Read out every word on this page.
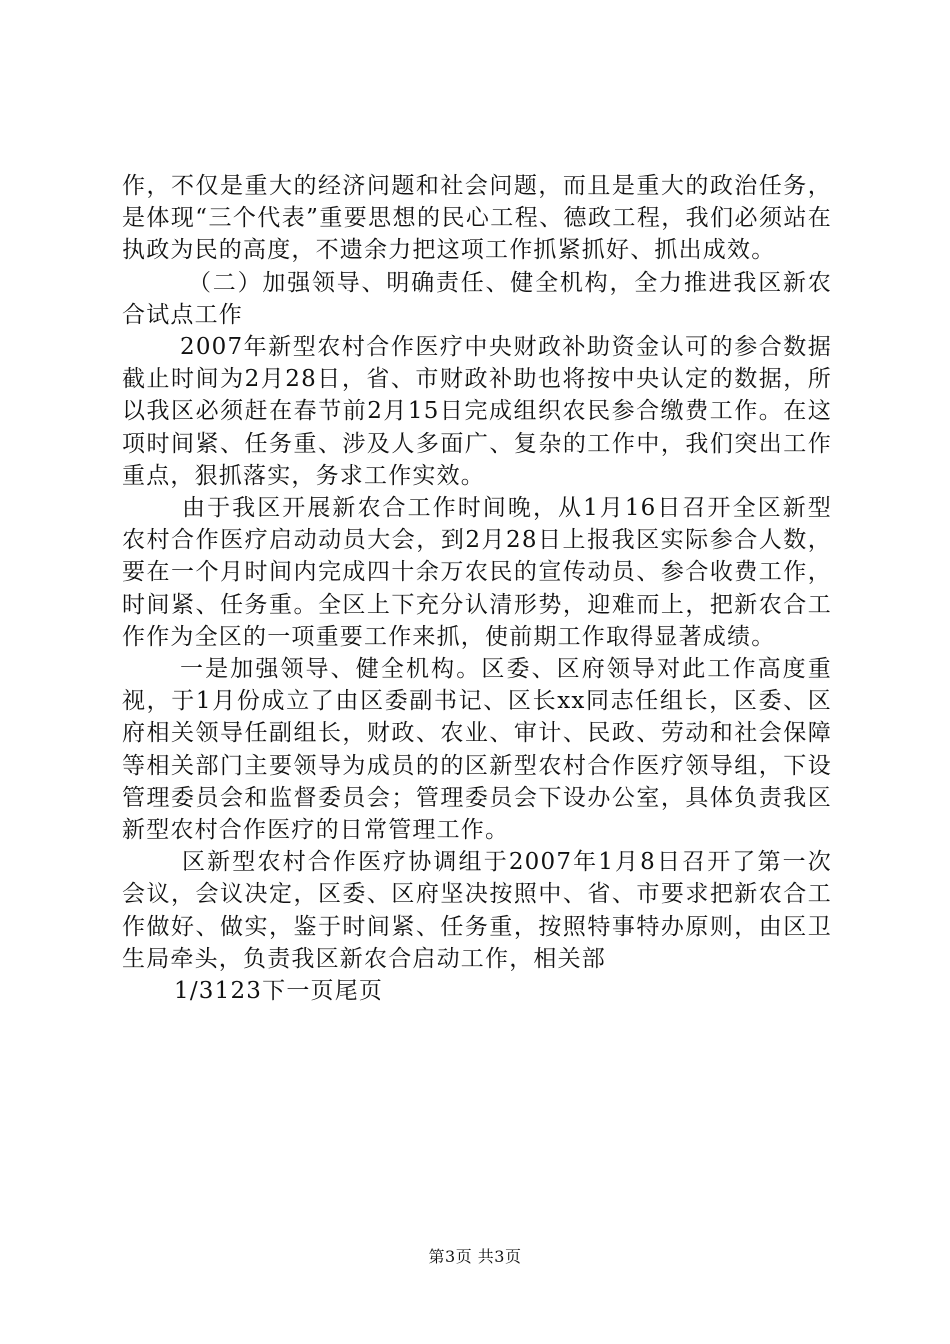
作，不仅是重大的经济问题和社会问题，而且是重大的政治任务，是体现“三个代表”重要思想的民心工程、德政工程，我们必须站在执政为民的高度，不遗余力把这项工作抓紧抓好、抓出成效。

（二）加强领导、明确责任、健全机构，全力推进我区新农合试点工作

2007年新型农村合作医疗中央财政补助资金认可的参合数据截止时间为2月28日，省、市财政补助也将按中央认定的数据，所以我区必须赶在春节前2月15日完成组织农民参合缴费工作。在这项时间紧、任务重、涉及人多面广、复杂的工作中，我们突出工作重点，狠抓落实，务求工作实效。

由于我区开展新农合工作时间晚，从1月16日召开全区新型农村合作医疗启动动员大会，到2月28日上报我区实际参合人数，要在一个月时间内完成四十余万农民的宣传动员、参合收费工作，时间紧、任务重。全区上下充分认清形势，迎难而上，把新农合工作作为全区的一项重要工作来抓，使前期工作取得显著成绩。

一是加强领导、健全机构。区委、区府领导对此工作高度重视，于1月份成立了由区委副书记、区长xx同志任组长，区委、区府相关领导任副组长，财政、农业、审计、民政、劳动和社会保障等相关部门主要领导为成员的的区新型农村合作医疗领导组，下设管理委员会和监督委员会；管理委员会下设办公室，具体负责我区新型农村合作医疗的日常管理工作。

区新型农村合作医疗协调组于2007年1月8日召开了第一次会议，会议决定，区委、区府坚决按照中、省、市要求把新农合工作做好、做实，鉴于时间紧、任务重，按照特事特办原则，由区卫生局牵头，负责我区新农合启动工作，相关部

1/3123下一页尾页

第3页 共3页
